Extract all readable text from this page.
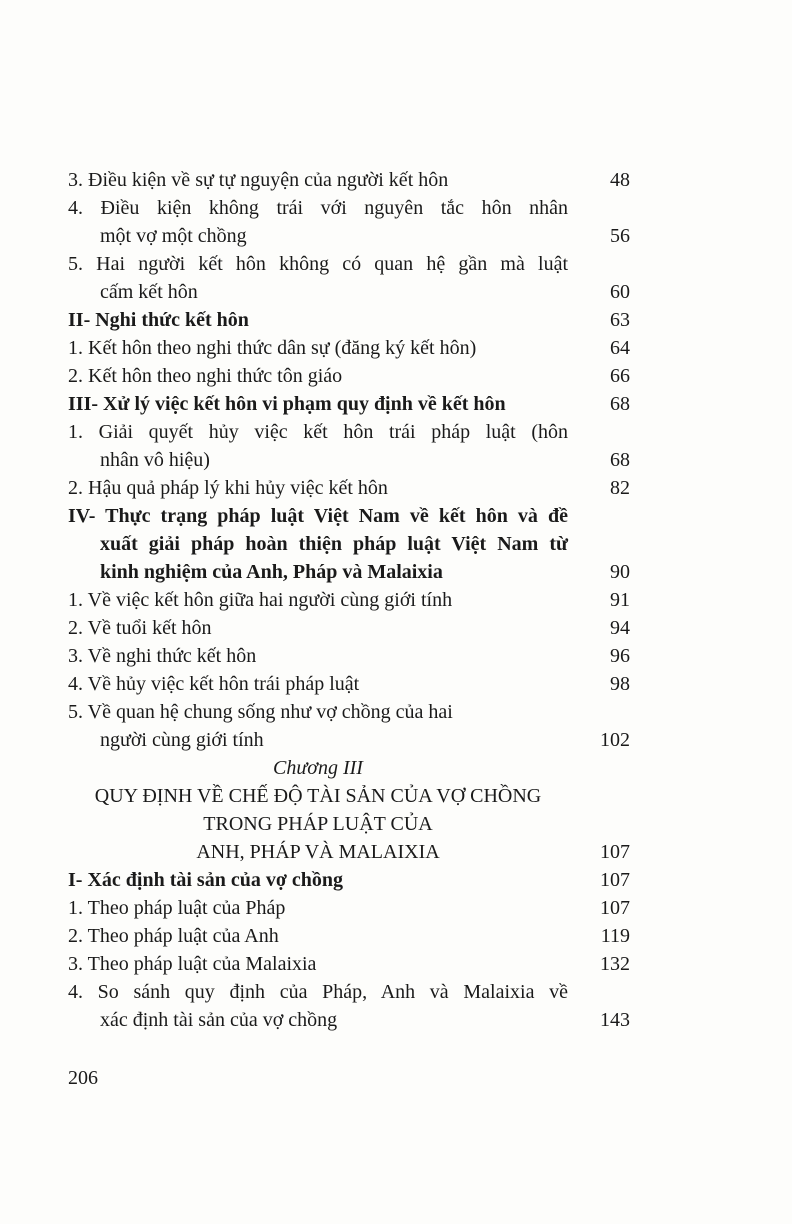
3. Điều kiện về sự tự nguyện của người kết hôn	48
4. Điều kiện không trái với nguyên tắc hôn nhân
một vợ một chồng	56
5. Hai người kết hôn không có quan hệ gần mà luật
cấm kết hôn	60
II- Nghi thức kết hôn	63
1. Kết hôn theo nghi thức dân sự (đăng ký kết hôn)	64
2. Kết hôn theo nghi thức tôn giáo	66
III- Xử lý việc kết hôn vi phạm quy định về kết hôn	68
1. Giải quyết hủy việc kết hôn trái pháp luật (hôn
nhân vô hiệu)	68
2. Hậu quả pháp lý khi hủy việc kết hôn	82
IV- Thực trạng pháp luật Việt Nam về kết hôn và đề
xuất giải pháp hoàn thiện pháp luật Việt Nam từ
kinh nghiệm của Anh, Pháp và Malaixia	90
1. Về việc kết hôn giữa hai người cùng giới tính	91
2. Về tuổi kết hôn	94
3. Về nghi thức kết hôn	96
4. Về hủy việc kết hôn trái pháp luật	98
5. Về quan hệ chung sống như vợ chồng của hai
người cùng giới tính	102
Chương III
QUY ĐỊNH VỀ CHẾ ĐỘ TÀI SẢN CỦA VỢ CHỒNG
TRONG PHÁP LUẬT CỦA
ANH, PHÁP VÀ MALAIXIA	107
I- Xác định tài sản của vợ chồng	107
1. Theo pháp luật của Pháp	107
2. Theo pháp luật của Anh	119
3. Theo pháp luật của Malaixia	132
4. So sánh quy định của Pháp, Anh và Malaixia về
xác định tài sản của vợ chồng	143
206
